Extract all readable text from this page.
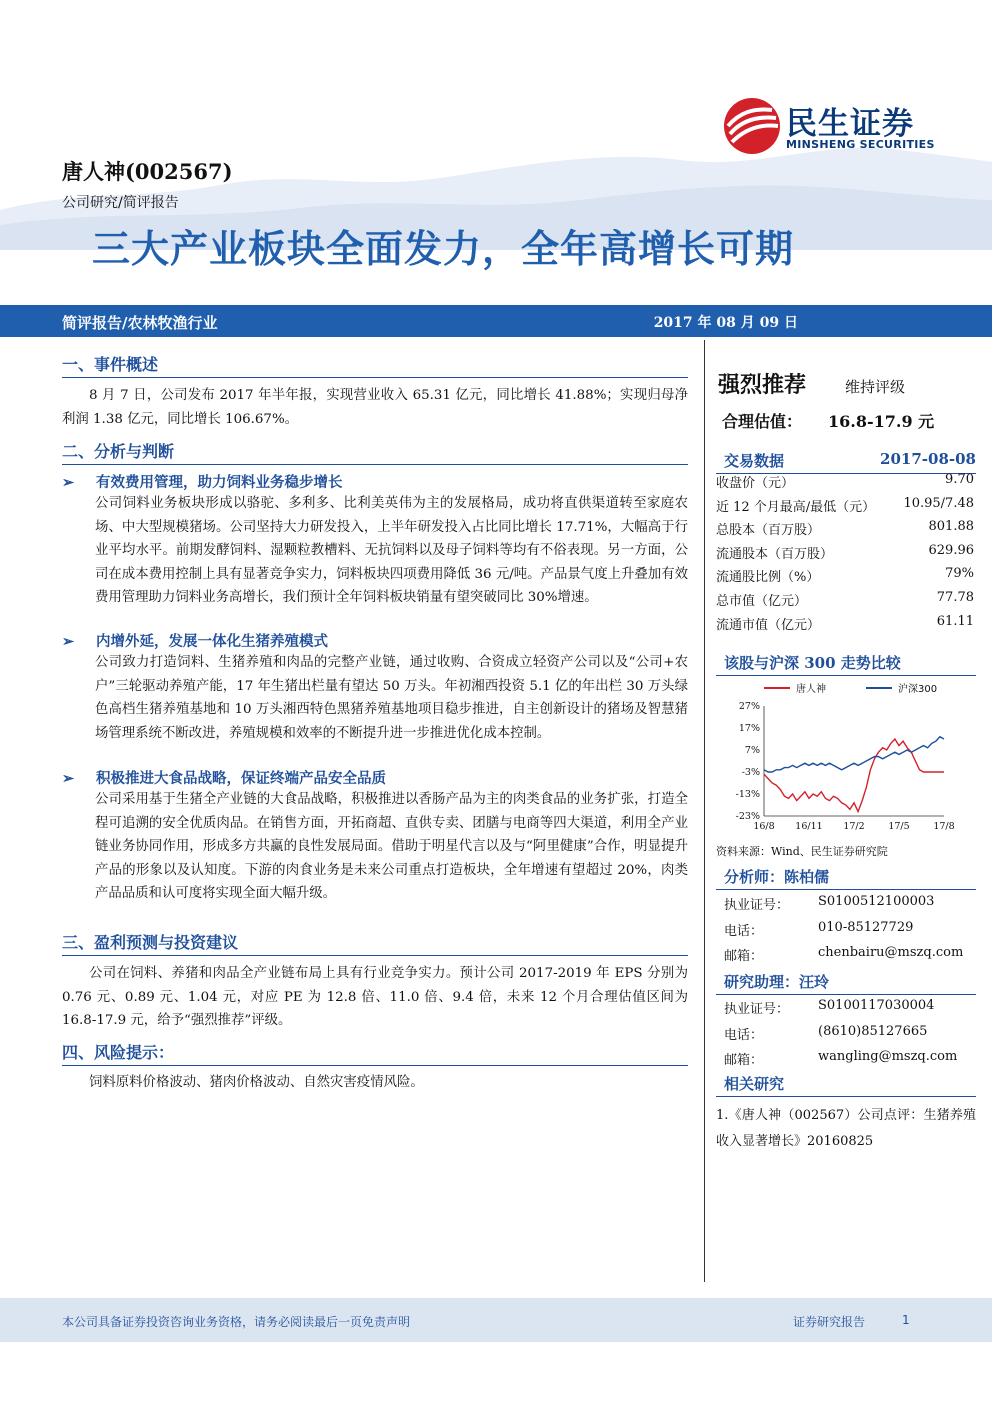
民生证券
MINSHENG SECURITIES
唐人神(002567)
公司研究/简评报告
三大产业板块全面发力，全年高增长可期
简评报告/农林牧渔行业	2017 年 08 月 09 日
一、事件概述
8 月 7 日，公司发布 2017 年半年报，实现营业收入 65.31 亿元，同比增长 41.88%；实现归母净利润 1.38 亿元，同比增长 106.67%。
二、分析与判断
➢ 有效费用管理，助力饲料业务稳步增长
公司饲料业务板块形成以骆驼、多利多、比利美英伟为主的发展格局，成功将直供渠道转至家庭农场、中大型规模猪场。公司坚持大力研发投入，上半年研发投入占比同比增长 17.71%，大幅高于行业平均水平。前期发酵饲料、湿颗粒教槽料、无抗饲料以及母子饲料等均有不俗表现。另一方面，公司在成本费用控制上具有显著竞争实力，饲料板块四项费用降低 36 元/吨。产品景气度上升叠加有效费用管理助力饲料业务高增长，我们预计全年饲料板块销量有望突破同比 30%增速。
➢ 内增外延，发展一体化生猪养殖模式
公司致力打造饲料、生猪养殖和肉品的完整产业链，通过收购、合资成立轻资产公司以及“公司+农户”三轮驱动养殖产能，17 年生猪出栏量有望达 50 万头。年初湘西投资 5.1 亿的年出栏 30 万头绿色高档生猪养殖基地和 10 万头湘西特色黑猪养殖基地项目稳步推进，自主创新设计的猪场及智慧猪场管理系统不断改进，养殖规模和效率的不断提升进一步推进优化成本控制。
➢ 积极推进大食品战略，保证终端产品安全品质
公司采用基于生猪全产业链的大食品战略，积极推进以香肠产品为主的肉类食品的业务扩张，打造全程可追溯的安全优质肉品。在销售方面，开拓商超、直供专卖、团膳与电商等四大渠道，利用全产业链业务协同作用，形成多方共赢的良性发展局面。借助于明星代言以及与“阿里健康”合作，明显提升产品的形象以及认知度。下游的肉食业务是未来公司重点打造板块，全年增速有望超过 20%，肉类产品品质和认可度将实现全面大幅升级。
三、盈利预测与投资建议
公司在饲料、养猪和肉品全产业链布局上具有行业竞争实力。预计公司 2017-2019 年 EPS 分别为 0.76 元、0.89 元、1.04 元，对应 PE 为 12.8 倍、11.0 倍、9.4 倍，未来 12 个月合理估值区间为 16.8-17.9 元，给予“强烈推荐”评级。
四、风险提示：
饲料原料价格波动、猪肉价格波动、自然灾害疫情风险。
强烈推荐	维持评级
合理估值： 16.8-17.9 元
交易数据	2017-08-08
收盘价（元）	9.70
近 12 个月最高/最低（元） 10.95/7.48
总股本（百万股）	801.88
流通股本（百万股）	629.96
流通股比例（%）	79%
总市值（亿元）	77.78
流通市值（亿元）	61.11
该股与沪深 300 走势比较
唐人神	沪深300
27%
17%
7%
-3%
-13%
-23%
16/8 16/11 17/2 17/5 17/8
资料来源：Wind、民生证券研究院
分析师：陈柏儒
执业证号：	S0100512100003
电话：	010-85127729
邮箱：	chenbairu@mszq.com
研究助理：汪玲
执业证号：	S0100117030004
电话：	(8610)85127665
邮箱：	wangling@mszq.com
相关研究
1.《唐人神（002567）公司点评：生猪养殖收入显著增长》20160825
本公司具备证券投资咨询业务资格，请务必阅读最后一页免责声明	证券研究报告	1
